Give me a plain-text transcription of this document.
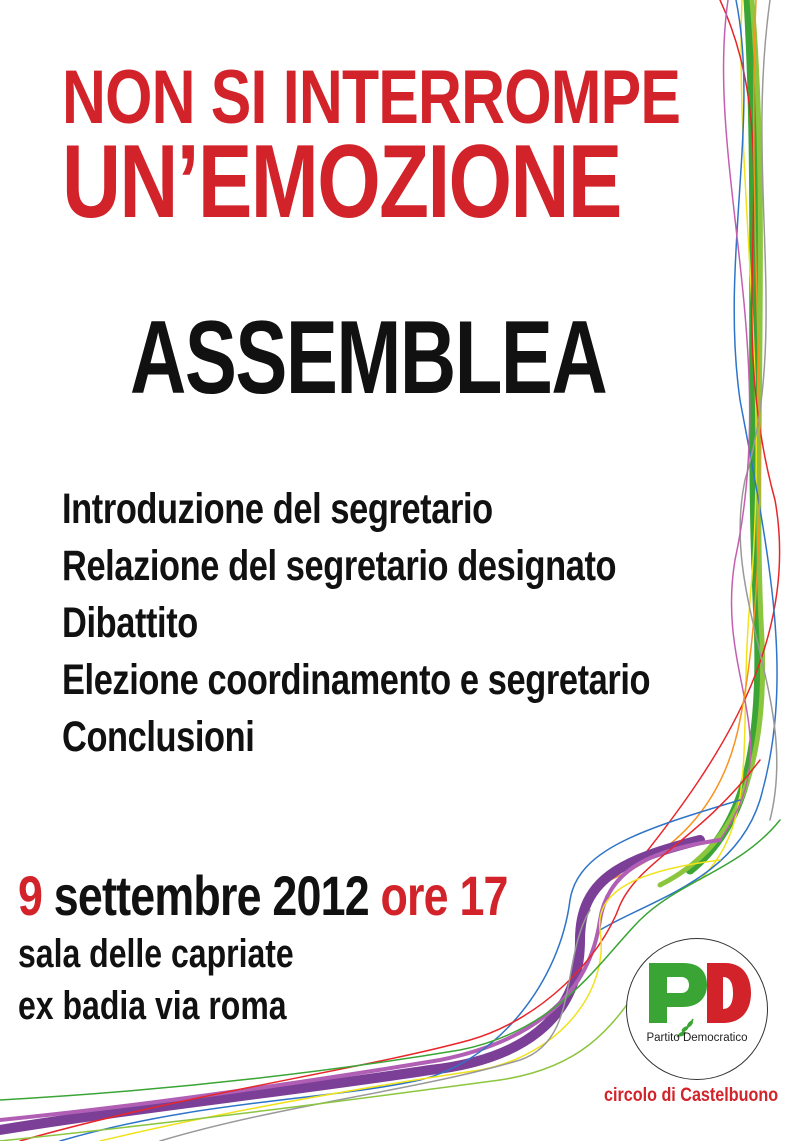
NON SI INTERROMPE
UN’EMOZIONE
ASSEMBLEA
Introduzione del segretario
Relazione del segretario designato
Dibattito
Elezione coordinamento e segretario
Conclusioni
9 settembre 2012 ore 17
sala delle capriate
ex badia via roma
Partito Democratico
circolo di Castelbuono
